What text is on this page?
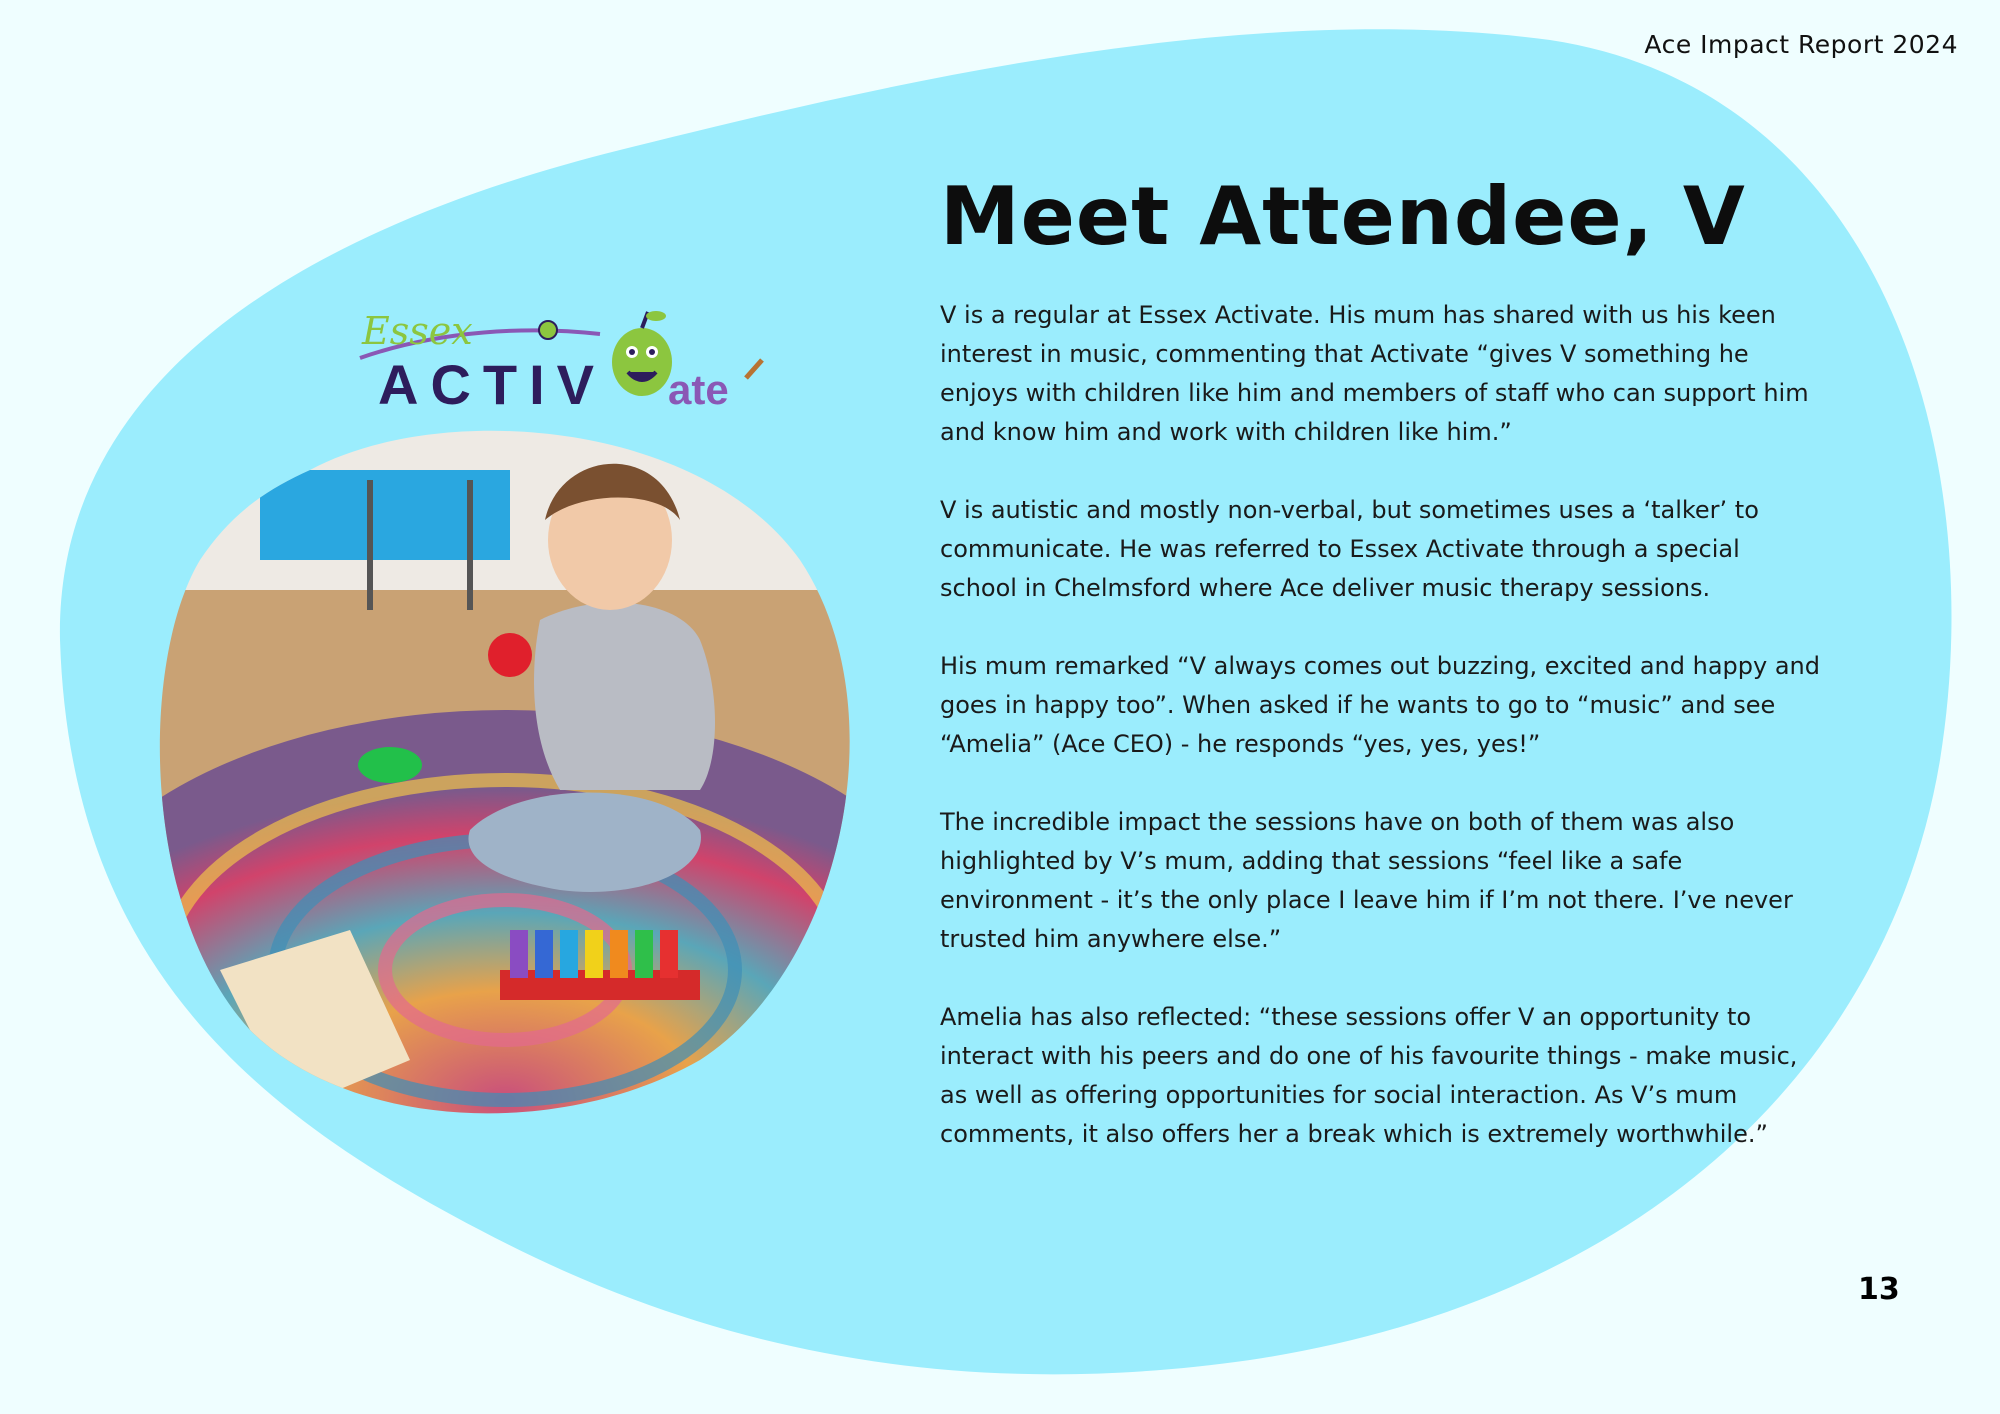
Ace Impact Report 2024
Essex
ACTIV ate
Meet Attendee, V

V is a regular at Essex Activate. His mum has shared with us his keen interest in music, commenting that Activate “gives V something he enjoys with children like him and members of staff who can support him and know him and work with children like him.”

V is autistic and mostly non-verbal, but sometimes uses a ‘talker’ to communicate. He was referred to Essex Activate through a special school in Chelmsford where Ace deliver music therapy sessions.

His mum remarked “V always comes out buzzing, excited and happy and goes in happy too”. When asked if he wants to go to “music” and see “Amelia” (Ace CEO) - he responds “yes, yes, yes!”

The incredible impact the sessions have on both of them was also highlighted by V’s mum, adding that sessions “feel like a safe environment - it’s the only place I leave him if I’m not there. I’ve never trusted him anywhere else.”

Amelia has also reflected: “these sessions offer V an opportunity to interact with his peers and do one of his favourite things - make music, as well as offering opportunities for social interaction. As V’s mum comments, it also offers her a break which is extremely worthwhile.”

13
